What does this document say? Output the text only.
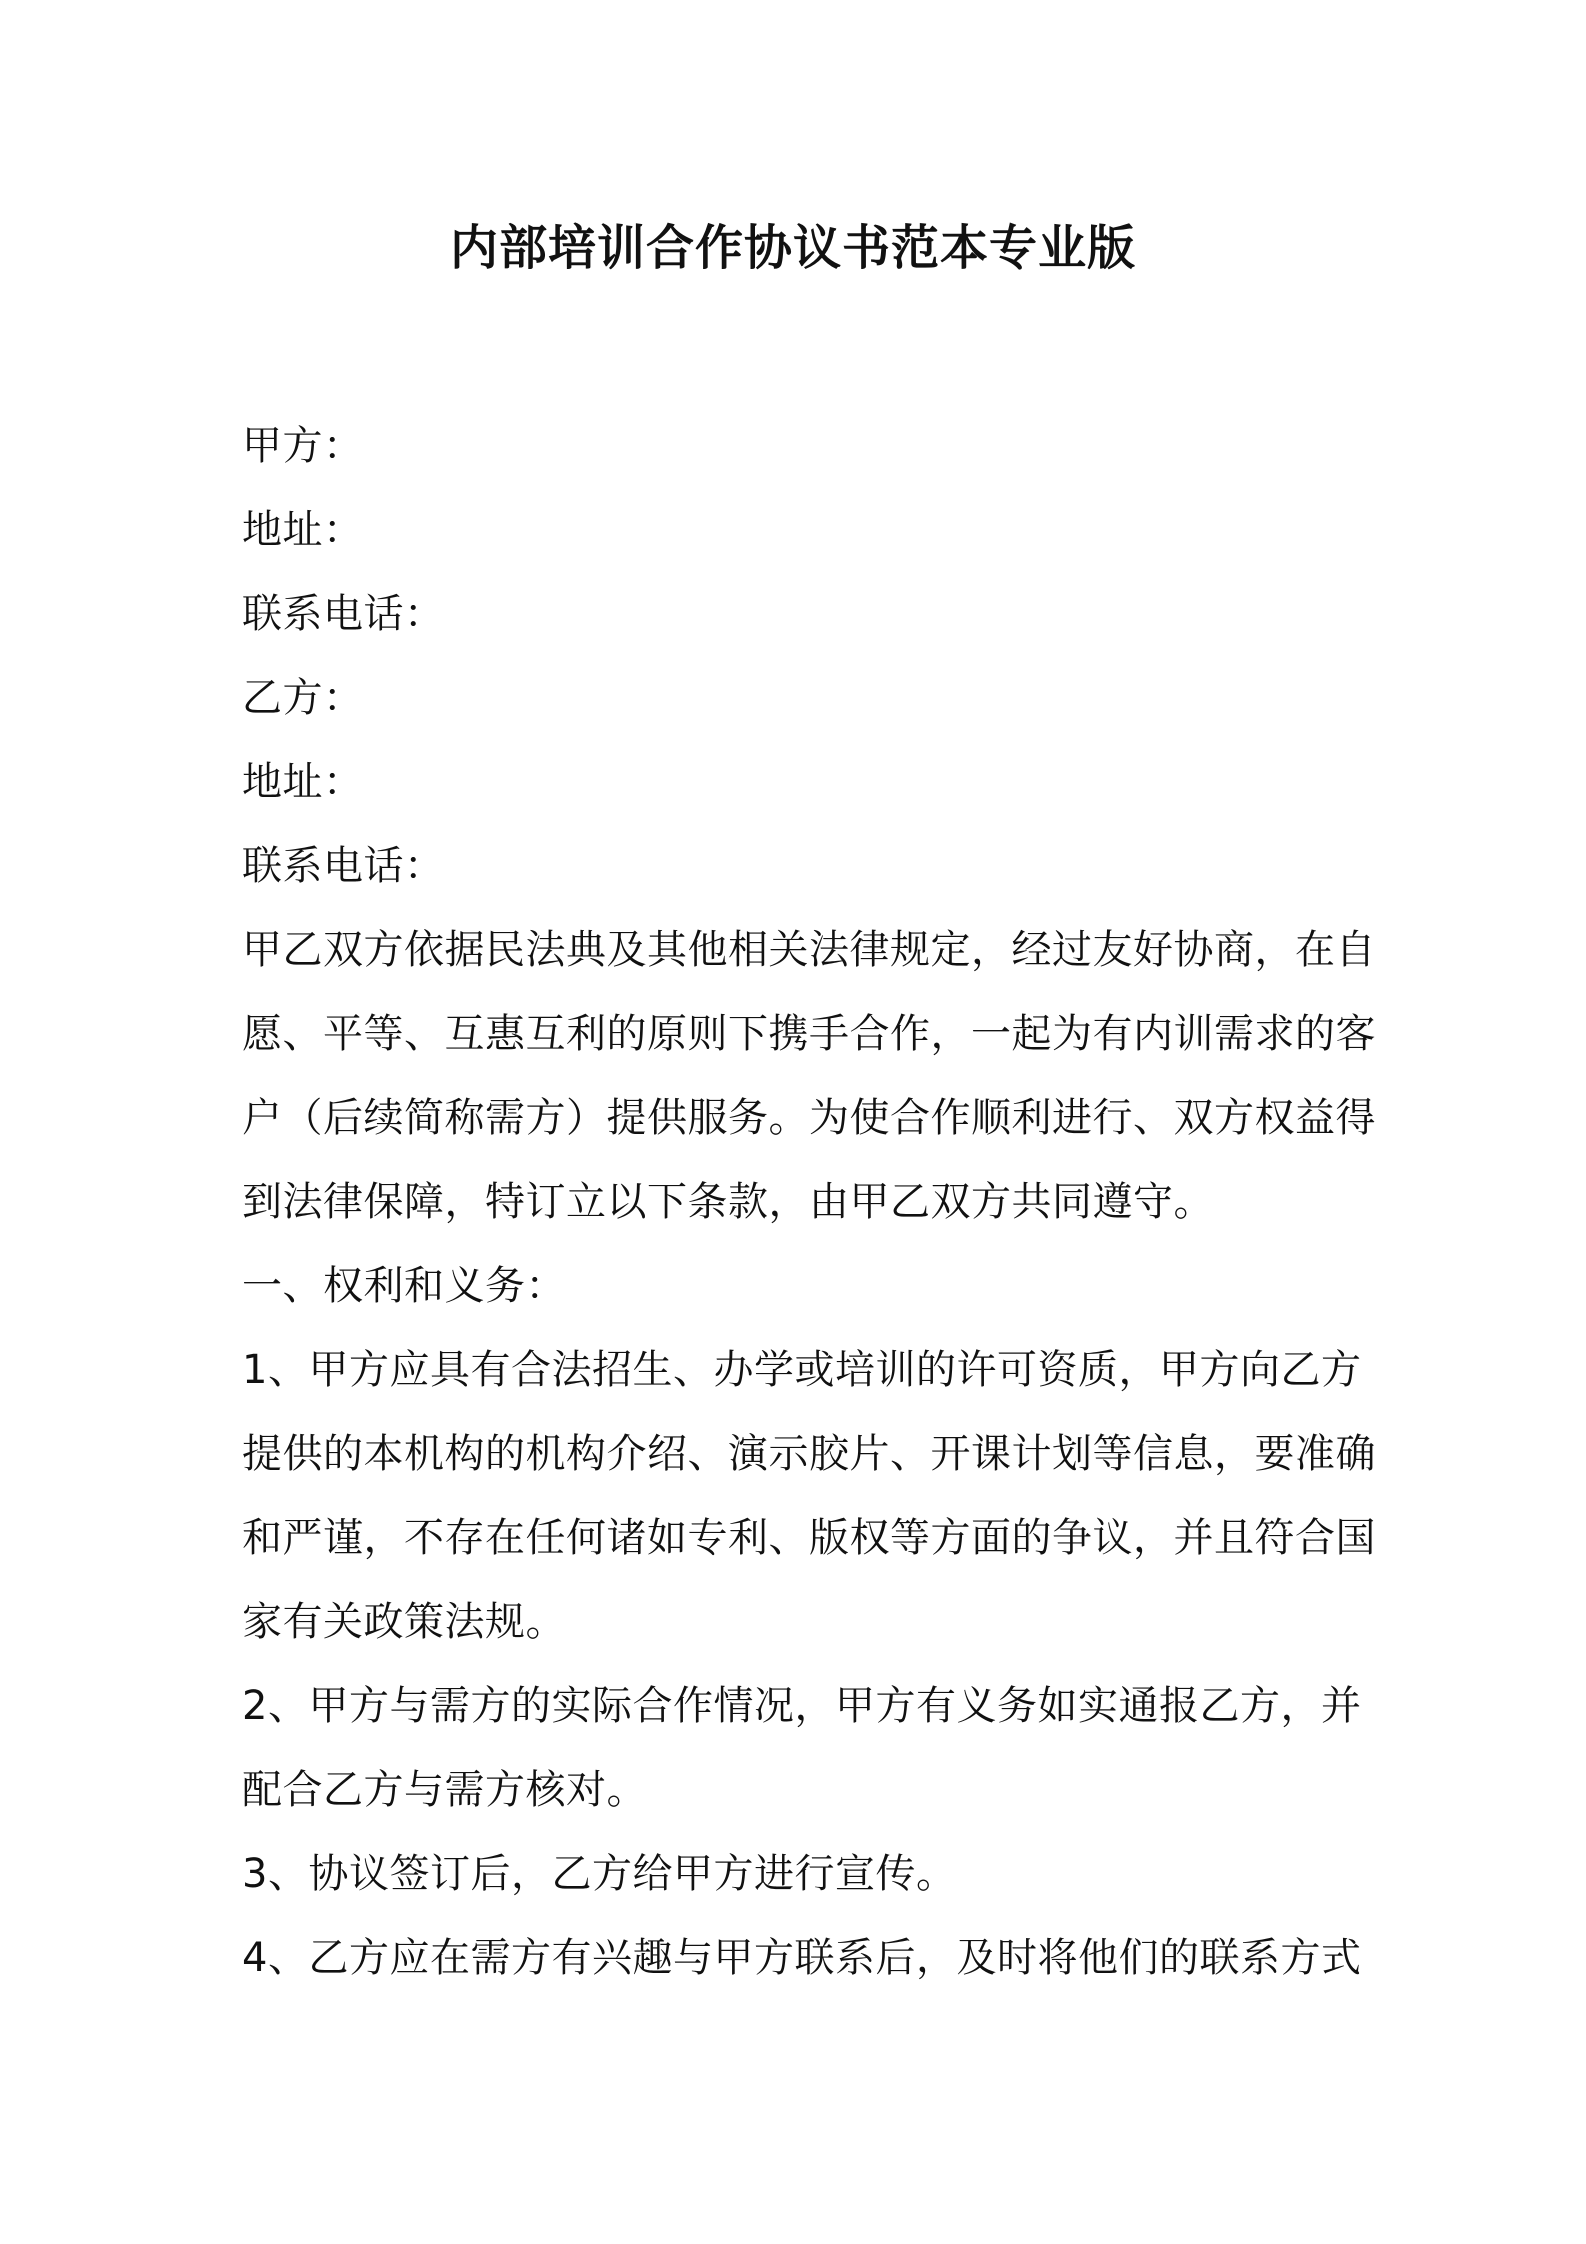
内部培训合作协议书范本专业版
甲方：
地址：
联系电话：
乙方：
地址：
联系电话：
甲乙双方依据民法典及其他相关法律规定，经过友好协商，在自
愿、平等、互惠互利的原则下携手合作，一起为有内训需求的客
户（后续简称需方）提供服务。为使合作顺利进行、双方权益得
到法律保障，特订立以下条款，由甲乙双方共同遵守。
一、权利和义务：
1、甲方应具有合法招生、办学或培训的许可资质，甲方向乙方
提供的本机构的机构介绍、演示胶片、开课计划等信息，要准确
和严谨，不存在任何诸如专利、版权等方面的争议，并且符合国
家有关政策法规。
2、甲方与需方的实际合作情况，甲方有义务如实通报乙方，并
配合乙方与需方核对。
3、协议签订后，乙方给甲方进行宣传。
4、乙方应在需方有兴趣与甲方联系后，及时将他们的联系方式
